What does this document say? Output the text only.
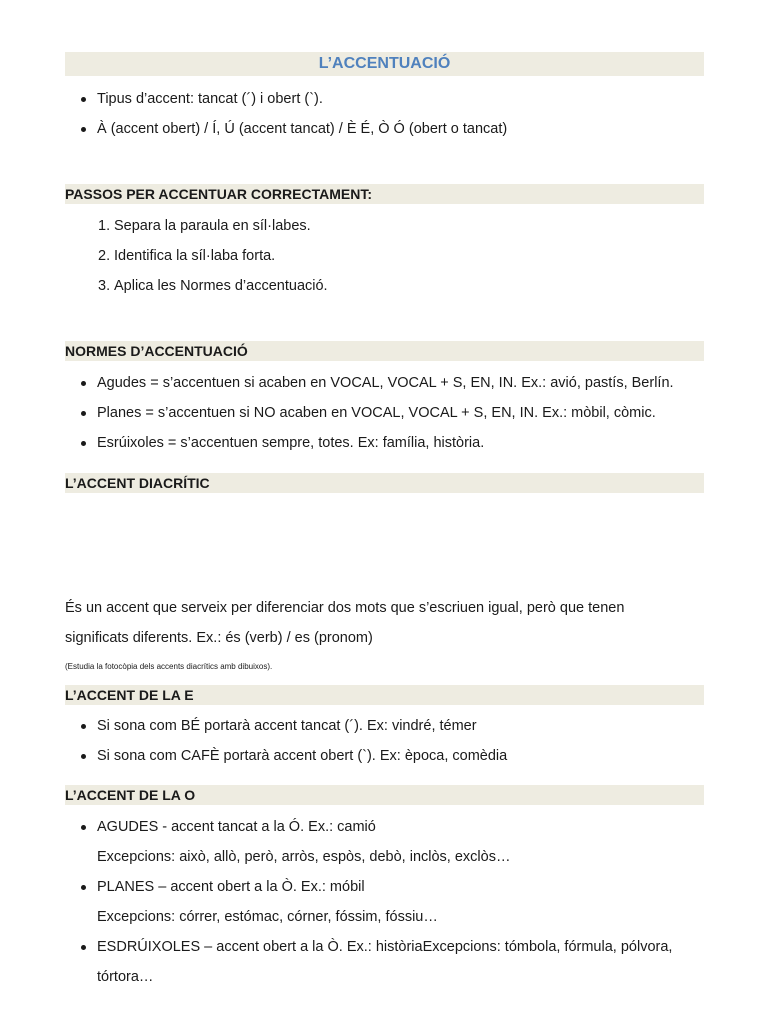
L’ACCENTUACIÓ
Tipus d’accent: tancat (´) i obert (`).
À (accent obert) / Í, Ú (accent tancat) / È É, Ò Ó (obert o tancat)
PASSOS PER ACCENTUAR CORRECTAMENT:
1. Separa la paraula en síl·labes.
2. Identifica la síl·laba forta.
3. Aplica les Normes d’accentuació.
NORMES D’ACCENTUACIÓ
Agudes = s’accentuen si acaben en VOCAL, VOCAL + S, EN, IN. Ex.: avió, pastís, Berlín.
Planes = s’accentuen si NO acaben en VOCAL, VOCAL + S, EN, IN. Ex.: mòbil, còmic.
Esrúixoles = s’accentuen sempre, totes. Ex: família, història.
L’ACCENT DIACRÍTIC

És un accent que serveix per diferenciar dos mots que s’escriuen igual, però que tenen
significats diferents. Ex.: és (verb) / es (pronom)

(Estudia la fotocòpia dels accents diacrítics amb dibuixos).

L’ACCENT DE LA E
Si sona com BÉ portarà accent tancat (´). Ex: vindré, témer
Si sona com CAFÈ portarà accent obert (`). Ex: època, comèdia
L’ACCENT DE LA O
AGUDES - accent tancat a la Ó. Ex.: camió
Excepcions: això, allò, però, arròs, espòs, debò, inclòs, exclòs…
PLANES – accent obert a la Ò. Ex.: móbil
Excepcions: córrer, estómac, córner, fóssim, fóssiu…
ESDRÚIXOLES – accent obert a la Ò. Ex.: històriaExcepcions: tómbola, fórmula, pólvora,
tórtora…
